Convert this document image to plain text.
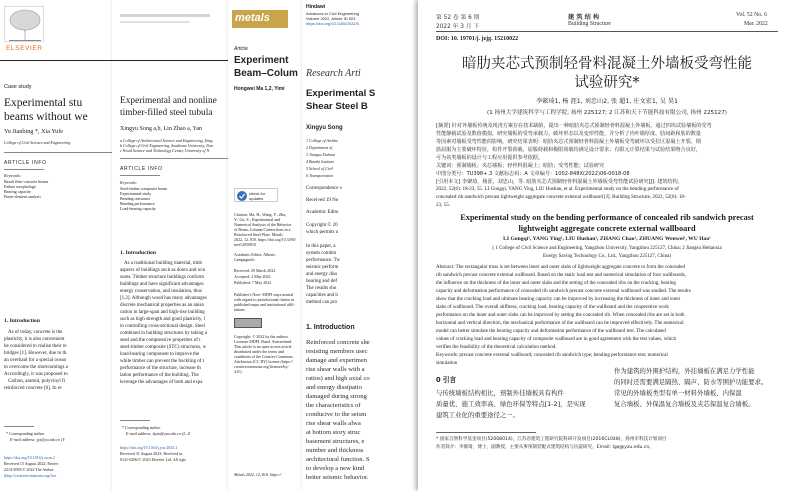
ELSEVIER
Case study
Experimental stu
beams without we
Yu Jianbing *, Xia Yufe
College of Civil Science and Engineering
ARTICLE INFO
Keywords:
Basalt fiber concrete beams
Failure morphology
Bearing capacity
Finite element analysis
1. Introduction
As of today, concrete is the
plasticity, it is also convenient
be considered to realise their re
bridges [1]. However, due to th
an overhaul for a special ocean
to overcome the shortcomings a
Accordingly, it was proposed to
Carbon, aramid, polyvinyl fi
reinforced concrete [6]. In re
* Corresponding author.
E-mail address: yjx@yu.edu.cn (Y
https://doi.org/10.1016/j.cscm.2
Received 15 August 2022; Receiv
2214-5095/© 2022 The Author
(http://creativecommons.org/lice
Experimental and nonline
timber-filled steel tubula
Xingyu Song a,b, Lin Zhao a, Yan
a College of Architectural Science and Engineering, Yang
b College of Civil Engineering, Southeast University, Nan
c Wood Science and Technology Center, University of N
ARTICLE INFO
Keywords:
Steel-timber composite beam
Experimental study
Bending resistance
Bending performance
Load-bearing capacity
1. Introduction
As a traditional building material, timb
aspects of buildings such as doors and win
sures. Timber structure buildings conform
buildings and have significant advantages
energy conservation, and insulation, thus
[1,2]. Although wood has many advantages
discrete mechanical properties as an aniso
cation in large-span and high-rise building
such as high strength and good plasticity, l
in controlling cross-sectional design. Steel
combined in building structures by taking a
steel and the compressive properties of t
steel-timber composite (STC) structures, w
load-bearing component to improve the
while timber can prevent the buckling of t
performance of the structure, increase th
lation performance of the building. The
leverage the advantages of both and expa
* Corresponding author.
E-mail address: lzyzu@yzu.edu.cn (L. Z
https://doi.org/10.1016/j.jcsr.2023.1
Received 31 August 2023; Received in
0141-0296/© 2023 Elsevier Ltd. All righ
metals
Article
Experiment
Beam–Colum
Hongwei Ma 1,2, Yimi
check for updates
Citation: Ma, H.; Wang, Y.; Zhu,
Y.; Gu, S.; Experimental and
Numerical Analysis of the Behavior
of Beam–Column Connections in a
Reinforced Steel Plate. Metals
2022, 12, 810. https://doi.org/10.3390/
met12050810
Academic Editor: Alberto
Campagnolo
Received: 29 March 2022
Accepted: 2 May 2022
Published: 7 May 2022
Publisher's Note: MDPI stays neutral
with regard to jurisdictional claims in
published maps and institutional affil-
iations.
Copyright: © 2022 by the authors.
Licensee MDPI, Basel, Switzerland.
This article is an open access article
distributed under the terms and
conditions of the Creative Commons
Attribution (CC BY) license (https://
creativecommons.org/licenses/by/
4.0/).
Metals 2022, 12, 810. https://
Hindawi
Advances in Civil Engineering
Volume 2022, Article ID 523
https://doi.org/10.1155/2022/5
Research Arti
Experimental S
Shear Steel B
Xingyu Song
1 College of Archite
2 Department of
3 Jiangsu Xinhuai
4 Banshi Institute
5 School of Civil
6 Transportation
Correspondence s
Received 19 No
Academic Edito
Copyright © 20
which permits u
In this paper, a
system combin
performance. Tw
seismic perform
and energy diss
bearing and def
The results sho
capacities and h
method can pro
1. Introduction
Reinforced concrete she
resisting members usec
damage and experimen
rise shear walls with a
ratios) and high axial co
and energy dissipatio
damaged during strong
the characteristics of
conducive to the seism
rise shear walls alwa
at bottom story struc
basement structures, e
number and thickness
architectural function. S
to develop a new kind
better seismic behavior.
第 52 卷 第 6 期
2022 年 3 月 下
建 筑 结 构
Building Structure
Vol. 52 No. 6
Mar. 2022
DOI: 10. 19701/j. jzjg. 15210022
暗肋夹芯式预制轻骨料混凝土外墙板受弯性能
试验研究*
李綮琦1, 杨 涯1, 刘忠山2, 张 超1, 庄文宏1, 吴 昊1
(1 扬州大学建筑科学与工程学院, 扬州 225127; 2 江苏和天下节能科技有限公司, 扬州 225127)
[摘要] 针对外墙板传统及现浇方案存在技术缺陷，提出一种暗肋夹芯式预制轻骨料混凝土外墙板。通过四块试验墙板的受弯
性能静载试验及数值模拟，研究墙板的受弯承载力、破坏形态以及变形性能，并分析了内叶墙厚度、肋间距和肋的数量
等因素对墙板受弯性能的影响。研究结果表明：暗肋夹芯式预制轻骨料混凝土外墙板受弯破坏以受拉区混凝土开裂、钢
筋屈服为主要破坏特征，构件开裂荷载、屈服荷载和极限荷载均满足设计要求；有限元计算结果与试验结果吻合良好，
可为该类墙板的设计与工程应用提供参考依据。
关键词：预制墙板；夹芯墙板；轻骨料混凝土；暗肋；受弯性能；试验研究
中图分类号：TU398+.3 文献标志码：A 文章编号：1002-848X(2022)06-0018-08
[引用本文] 李綮琦，杨涯，刘忠山，等. 暗肋夹芯式预制轻骨料混凝土外墙板受弯性能试验研究[J]. 建筑结构，
2022, 52(6): 18-23, 55. LI Gongqi, YANG Ying, LIU Hushan, et al. Experimental study on the bending performance of
concealed rib sandwich precast lightweight aggregate concrete external wallboard [J]. Building Structure, 2022, 52(6): 18-
23, 55.
Experimental study on the bending performance of concealed rib sandwich precast
lightweight aggregate concrete external wallboard
LI Gongqi¹, YANG Ying¹, LIU Hushan², ZHANG Chao¹, ZHUANG Wenwei¹, WU Hao¹
( 1 College of Civil Science and Engineering, Yangzhou University, Yangzhou 225127, China; 2 Jiangsu Heitanxia
Energy Saving Technology Co., Ltd., Yangzhou 225127, China)
Abstract: The rectangular truss is set between inner and outer slabs of lightweight aggregate concrete to form the concealed
rib sandwich precast concrete external wallboard. Based on the static load test and numerical simulation of four wallboards,
the influence on the thickness of the inner and outer slabs and the setting of the concealed ribs on the cracking, bearing
capacity and deformation performance of concealed rib sandwich precast concrete external wallboard was studied. The results
show that the cracking load and ultimate bearing capacity can be improved by increasing the thickness of inner and outer
slabs of wallboard. The overall stiffness, cracking load, bearing capacity of the wallboard and the cooperative work
performance on the inner and outer slabs can be improved by setting the concealed rib. When concealed ribs are set in both
horizontal and vertical direction, the mechanical performance of the wallboard can be improved effectively. The numerical
model can better simulate the bearing capacity and deformation performance of the wallboard test. The calculated
values of cracking load and bearing capacity of composite wallboard are in good agreement with the test values, which
verifies the feasibility of the theoretical calculation method.
Keywords: precast concrete external wallboard; concealed rib sandwich type; bending performance test; numerical
simulation
0 引言
与传统墙板结构相比，预制外挂墙板具有构件
质量优、施工效率高、绿色环保等特点[1-2]，是实现
建筑工业化的重要途径之一。
作为建筑的外围护结构，外挂墙板在满足力学性能
的同时还需要满足隔热、隔声、防水等围护功能要求。
常见的外墙板类型有单一材料外墙板、内保温
复合墙板、外保温复合墙板及夹芯保温复合墙板。
* 国家自然科学基金项目(52008014)，江苏省建筑工程研究院科研开发项目(2016CL048)，扬州市科技计划项目
作者简介：李綮琦，博士，副教授，主要从事预制装配式建筑结构与抗震研究，Email: lgq@yzu.edu.cn。
